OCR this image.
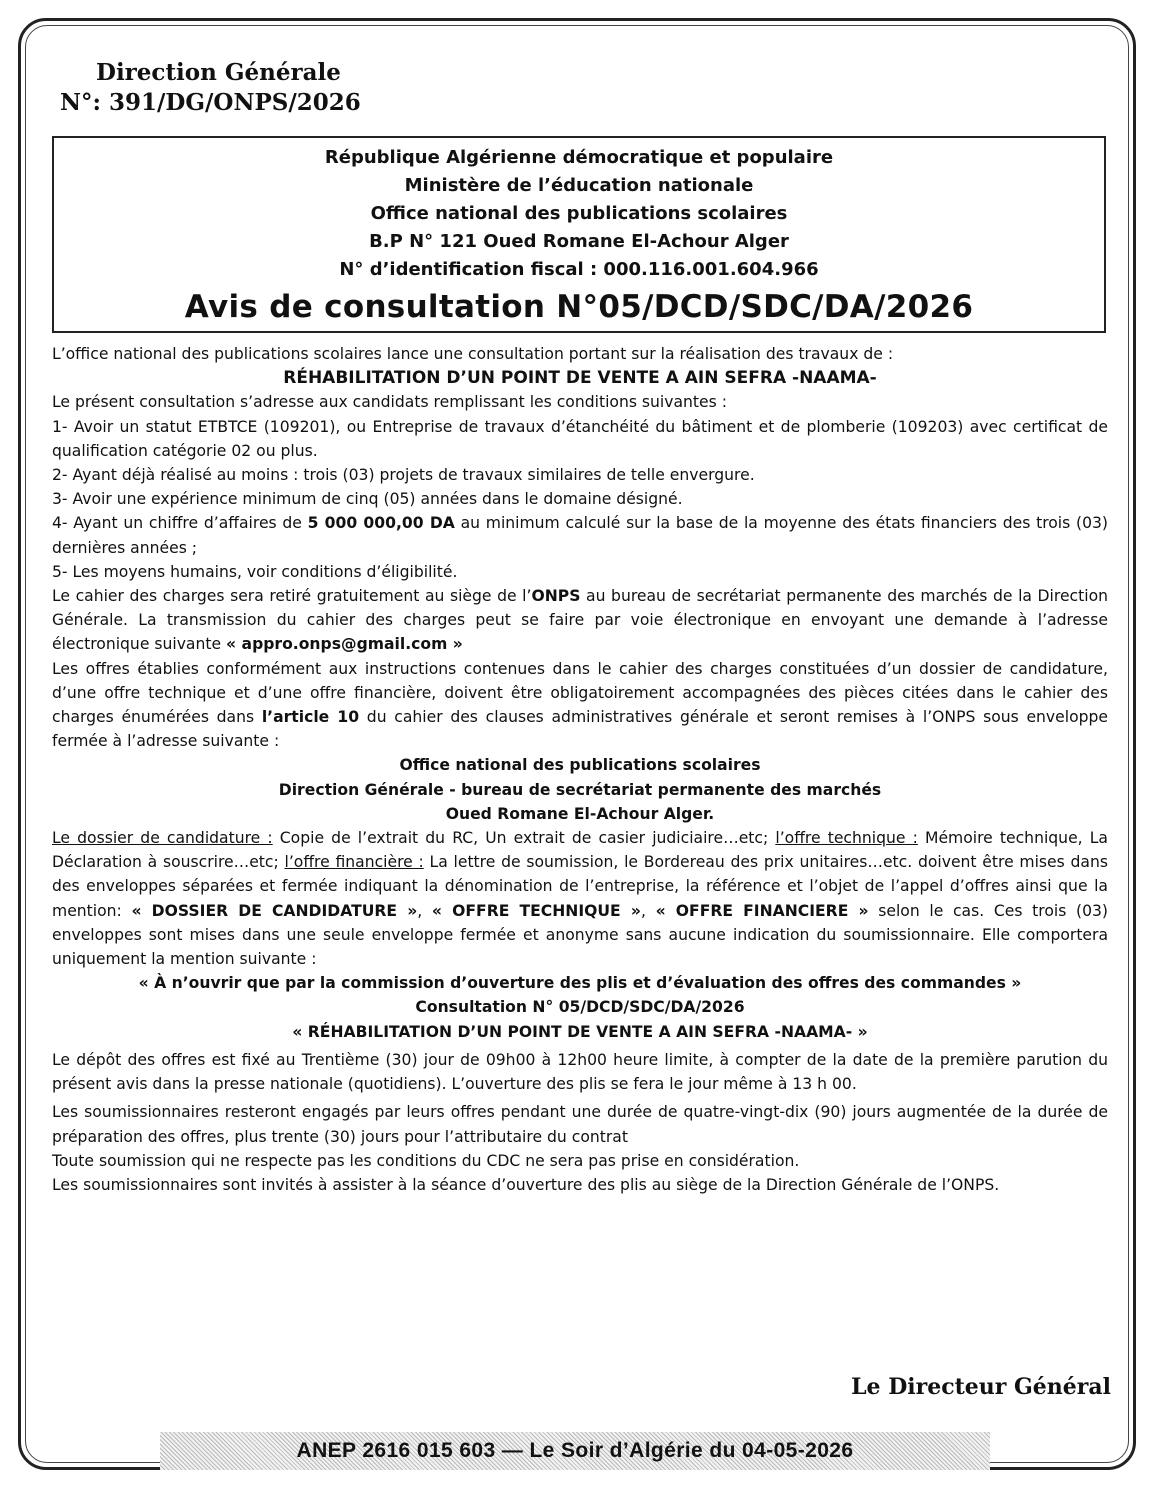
Direction Générale
N°: 391/DG/ONPS/2026
République Algérienne démocratique et populaire
Ministère de l’éducation nationale
Office national des publications scolaires
B.P N° 121 Oued Romane El-Achour Alger
N° d’identification fiscal : 000.116.001.604.966
Avis de consultation N°05/DCD/SDC/DA/2026

L’office national des publications scolaires lance une consultation portant sur la réalisation des travaux de :

RÉHABILITATION D’UN POINT DE VENTE A AIN SEFRA -NAAMA-

Le présent consultation s’adresse aux candidats remplissant les conditions suivantes :

1- Avoir un statut ETBTCE (109201), ou Entreprise de travaux d’étanchéité du bâtiment et de plomberie (109203) avec certificat de qualification catégorie 02 ou plus.

2- Ayant déjà réalisé au moins : trois (03) projets de travaux similaires de telle envergure.

3- Avoir une expérience minimum de cinq (05) années dans le domaine désigné.

4- Ayant un chiffre d’affaires de 5 000 000,00 DA au minimum calculé sur la base de la moyenne des états financiers des trois (03) dernières années ;

5- Les moyens humains, voir conditions d’éligibilité.

Le cahier des charges sera retiré gratuitement au siège de l’ONPS au bureau de secrétariat permanente des marchés de la Direction Générale. La transmission du cahier des charges peut se faire par voie électronique en envoyant une demande à l’adresse électronique suivante « appro.onps@gmail.com »

Les offres établies conformément aux instructions contenues dans le cahier des charges constituées d’un dossier de candidature, d’une offre technique et d’une offre financière, doivent être obligatoirement accompagnées des pièces citées dans le cahier des charges énumérées dans l’article 10 du cahier des clauses administratives générale et seront remises à l’ONPS sous enveloppe fermée à l’adresse suivante :

Office national des publications scolaires

Direction Générale - bureau de secrétariat permanente des marchés

Oued Romane El-Achour Alger.

Le dossier de candidature : Copie de l’extrait du RC, Un extrait de casier judiciaire…etc; l’offre technique : Mémoire technique, La Déclaration à souscrire…etc; l’offre financière : La lettre de soumission, le Bordereau des prix unitaires…etc. doivent être mises dans des enveloppes séparées et fermée indiquant la dénomination de l’entreprise, la référence et l’objet de l’appel d’offres ainsi que la mention: « DOSSIER DE CANDIDATURE », « OFFRE TECHNIQUE », « OFFRE FINANCIERE » selon le cas. Ces trois (03) enveloppes sont mises dans une seule enveloppe fermée et anonyme sans aucune indication du soumissionnaire. Elle comportera uniquement la mention suivante :

« À n’ouvrir que par la commission d’ouverture des plis et d’évaluation des offres des commandes »

Consultation N° 05/DCD/SDC/DA/2026

« RÉHABILITATION D’UN POINT DE VENTE A AIN SEFRA -NAAMA- »

Le dépôt des offres est fixé au Trentième (30) jour de 09h00 à 12h00 heure limite, à compter de la date de la première parution du présent avis dans la presse nationale (quotidiens). L’ouverture des plis se fera le jour même à 13 h 00.

Les soumissionnaires resteront engagés par leurs offres pendant une durée de quatre-vingt-dix (90) jours augmentée de la durée de préparation des offres, plus trente (30) jours pour l’attributaire du contrat

Toute soumission qui ne respecte pas les conditions du CDC ne sera pas prise en considération.

Les soumissionnaires sont invités à assister à la séance d’ouverture des plis au siège de la Direction Générale de l’ONPS.

Le Directeur Général
ANEP 2616 015 603 — Le Soir d’Algérie du 04-05-2026
